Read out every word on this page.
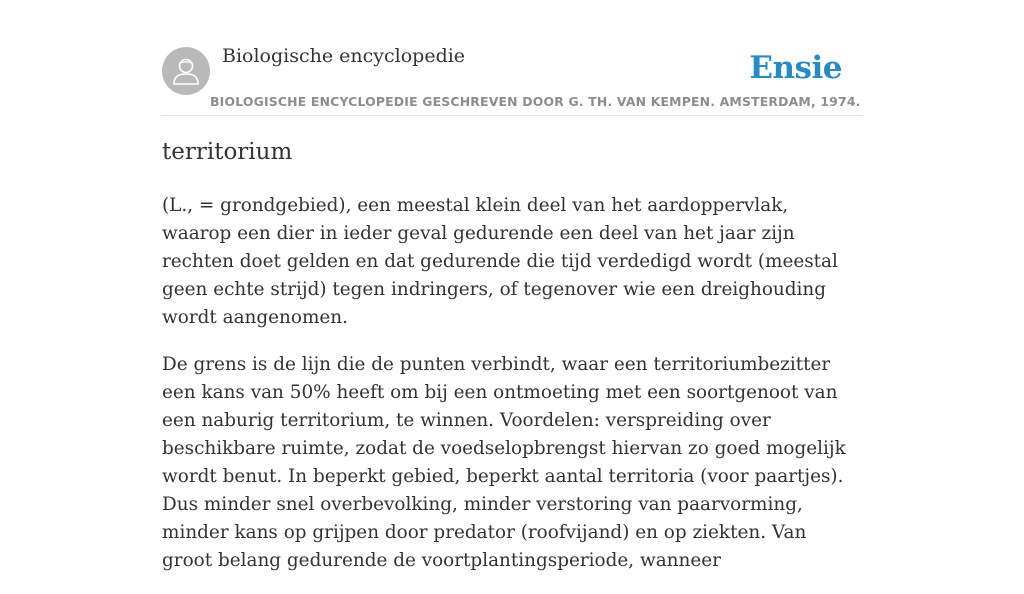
Biologische encyclopedie	Ensie
BIOLOGISCHE ENCYCLOPEDIE GESCHREVEN DOOR G. TH. VAN KEMPEN. AMSTERDAM, 1974.
territorium

(L., = grondgebied), een meestal klein deel van het aardoppervlak, waarop een dier in ieder geval gedurende een deel van het jaar zijn rechten doet gelden en dat gedurende die tijd verdedigd wordt (meestal geen echte strijd) tegen indringers, of tegenover wie een dreighouding wordt aangenomen.

De grens is de lijn die de punten verbindt, waar een territoriumbezitter een kans van 50% heeft om bij een ontmoeting met een soortgenoot van een naburig territorium, te winnen. Voordelen: verspreiding over beschikbare ruimte, zodat de voedselopbrengst hiervan zo goed mogelijk wordt benut. In beperkt gebied, beperkt aantal territoria (voor paartjes). Dus minder snel overbevolking, minder verstoring van paarvorming, minder kans op grijpen door predator (roofvijand) en op ziekten. Van groot belang gedurende de voortplantingsperiode, wanneer
